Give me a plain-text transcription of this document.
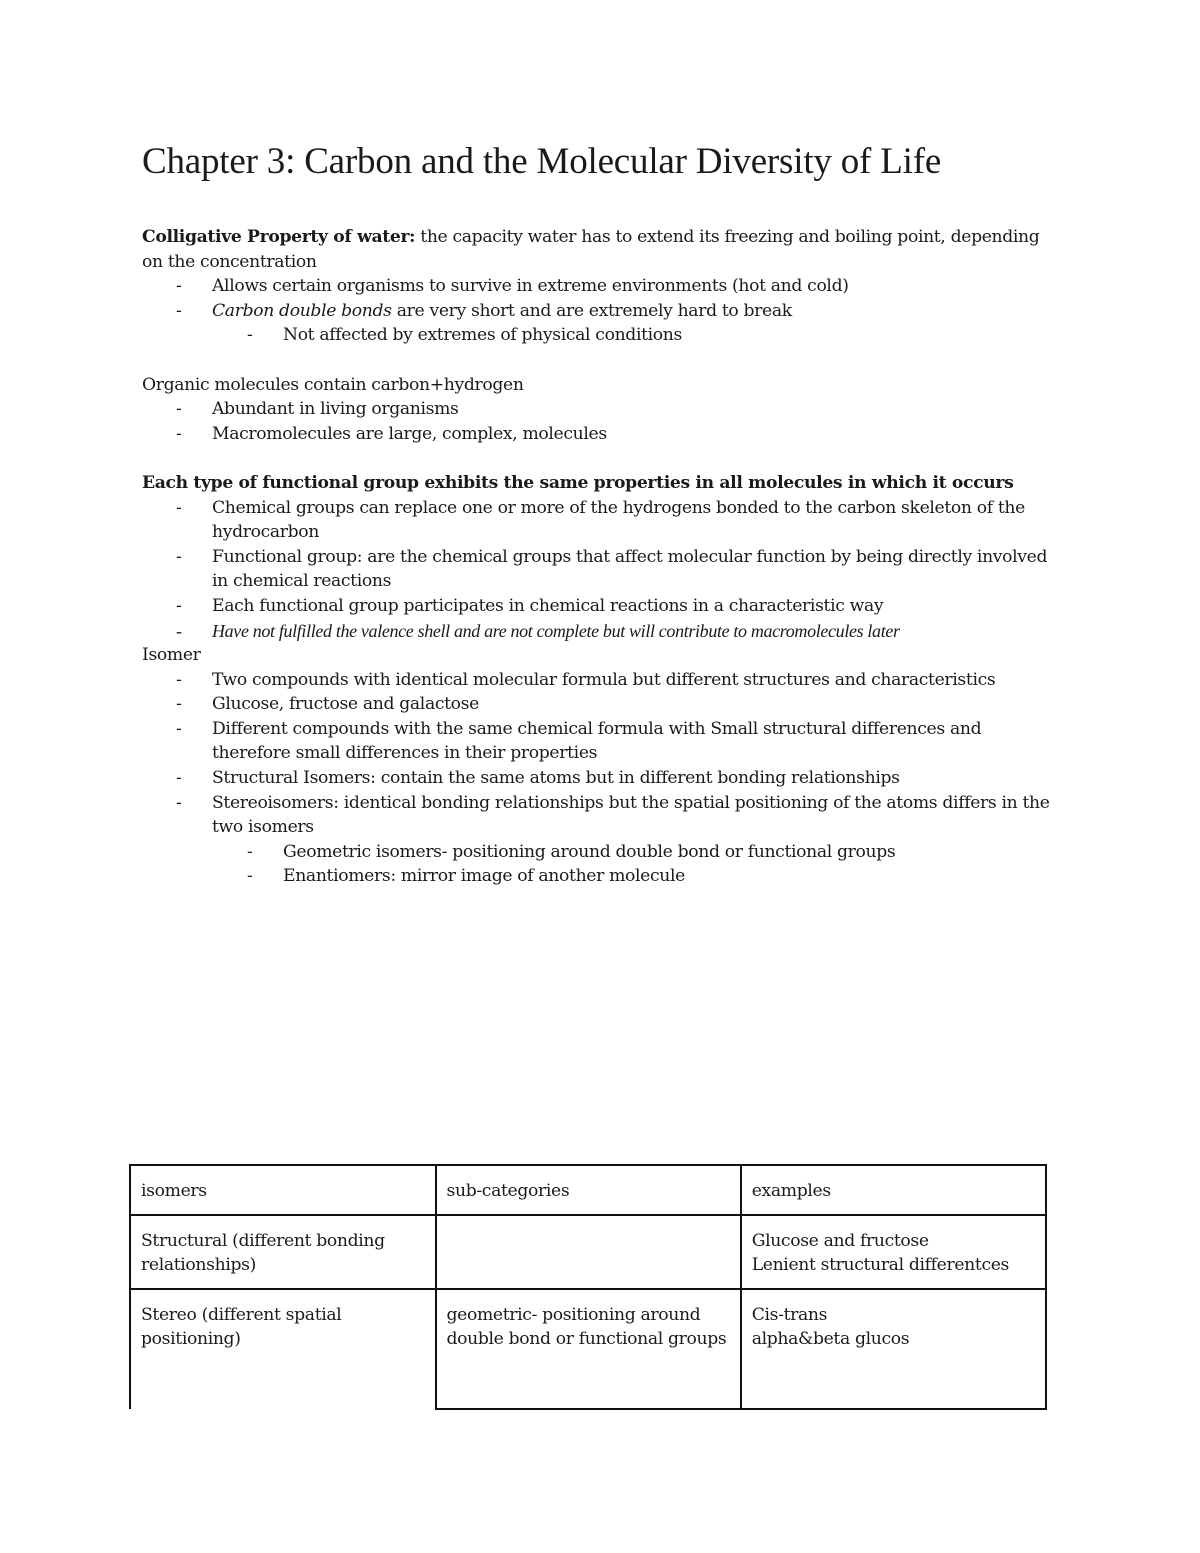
Chapter 3: Carbon and the Molecular Diversity of Life

Colligative Property of water: the capacity water has to extend its freezing and boiling point, depending on the concentration

- Allows certain organisms to survive in extreme environments (hot and cold)
- Carbon double bonds are very short and are extremely hard to break
- Not affected by extremes of physical conditions

Organic molecules contain carbon+hydrogen

- Abundant in living organisms
- Macromolecules are large, complex, molecules

Each type of functional group exhibits the same properties in all molecules in which it occurs

- Chemical groups can replace one or more of the hydrogens bonded to the carbon skeleton of the hydrocarbon
- Functional group: are the chemical groups that affect molecular function by being directly involved in chemical reactions
- Each functional group participates in chemical reactions in a characteristic way
- Have not fulfilled the valence shell and are not complete but will contribute to macromolecules later

Isomer

- Two compounds with identical molecular formula but different structures and characteristics
- Glucose, fructose and galactose
- Different compounds with the same chemical formula with Small structural differences and therefore small differences in their properties
- Structural Isomers: contain the same atoms but in different bonding relationships
- Stereoisomers: identical bonding relationships but the spatial positioning of the atoms differs in the two isomers
- Geometric isomers- positioning around double bond or functional groups
- Enantiomers: mirror image of another molecule
isomers	sub-categories	examples
Structural (different bonding relationships)		Glucose and fructose
Lenient structural differentces
Stereo (different spatial positioning)	geometric- positioning around double bond or functional groups	Cis-trans
alpha&beta glucos
